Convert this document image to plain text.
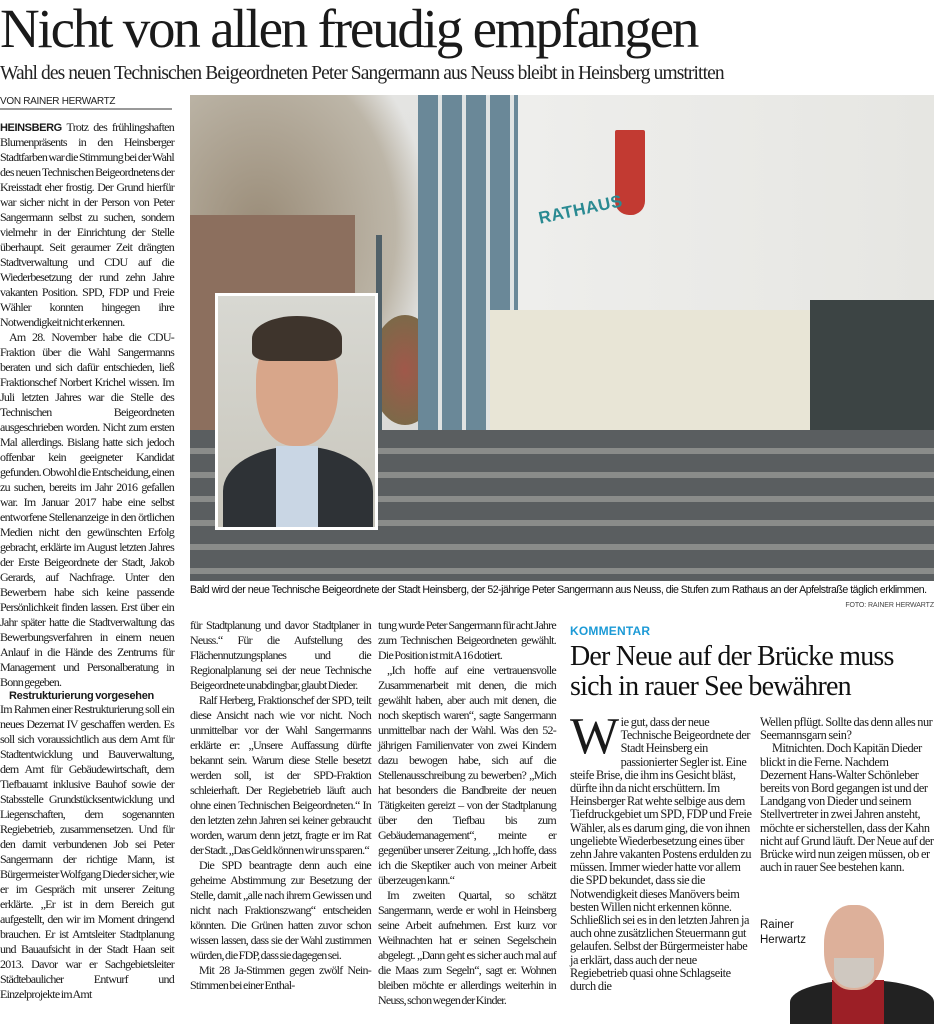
Nicht von allen freudig empfangen
Wahl des neuen Technischen Beigeordneten Peter Sangermann aus Neuss bleibt in Heinsberg umstritten
VON RAINER HERWARTZ

HEINSBERG Trotz des frühlingshaften Blumenpräsents in den Heinsberger Stadtfarben war die Stimmung bei der Wahl des neuen Technischen Beigeordnetens der Kreisstadt eher frostig. Der Grund hierfür war sicher nicht in der Person von Peter Sangermann selbst zu suchen, sondern vielmehr in der Einrichtung der Stelle überhaupt. Seit geraumer Zeit drängten Stadtverwaltung und CDU auf die Wiederbesetzung der rund zehn Jahre vakanten Position. SPD, FDP und Freie Wähler konnten hingegen ihre Notwendigkeit nicht erkennen.

Am 28. November habe die CDU-Fraktion über die Wahl Sangermanns beraten und sich dafür entschieden, ließ Fraktionschef Norbert Krichel wissen. Im Juli letzten Jahres war die Stelle des Technischen Beigeordneten ausgeschrieben worden. Nicht zum ersten Mal allerdings. Bislang hatte sich jedoch offenbar kein geeigneter Kandidat gefunden. Obwohl die Entscheidung, einen zu suchen, bereits im Jahr 2016 gefallen war. Im Januar 2017 habe eine selbst entworfene Stellenanzeige in den örtlichen Medien nicht den gewünschten Erfolg gebracht, erklärte im August letzten Jahres der Erste Beigeordnete der Stadt, Jakob Gerards, auf Nachfrage. Unter den Bewerbern habe sich keine passende Persönlichkeit finden lassen. Erst über ein Jahr später hatte die Stadtverwaltung das Bewerbungsverfahren in einem neuen Anlauf in die Hände des Zentrums für Management und Personalberatung in Bonn gegeben.

Restrukturierung vorgesehen

Im Rahmen einer Restrukturierung soll ein neues Dezernat IV geschaffen werden. Es soll sich voraussichtlich aus dem Amt für Stadtentwicklung und Bauverwaltung, dem Amt für Gebäudewirtschaft, dem Tiefbauamt inklusive Bauhof sowie der Stabsstelle Grundstücksentwicklung und Liegenschaften, dem sogenannten Regiebetrieb, zusammensetzen. Und für den damit verbundenen Job sei Peter Sangermann der richtige Mann, ist Bürgermeister Wolfgang Dieder sicher, wie er im Gespräch mit unserer Zeitung erklärte. „Er ist in dem Bereich gut aufgestellt, den wir im Moment dringend brauchen. Er ist Amtsleiter Stadtplanung und Bauaufsicht in der Stadt Haan seit 2013. Davor war er Sachgebietsleiter Städtebaulicher Entwurf und Einzelprojekte im Amt

RATHAUS
Bald wird der neue Technische Beigeordnete der Stadt Heinsberg, der 52-jährige Peter Sangermann aus Neuss, die Stufen zum Rathaus an der Apfelstraße täglich erklimmen.
FOTO: RAINER HERWARTZ

für Stadtplanung und davor Stadtplaner in Neuss.“ Für die Aufstellung des Flächennutzungsplanes und die Regionalplanung sei der neue Technische Beigeordnete unabdingbar, glaubt Dieder.

Ralf Herberg, Fraktionschef der SPD, teilt diese Ansicht nach wie vor nicht. Noch unmittelbar vor der Wahl Sangermanns erklärte er: „Unsere Auffassung dürfte bekannt sein. Warum diese Stelle besetzt werden soll, ist der SPD-Fraktion schleierhaft. Der Regiebetrieb läuft auch ohne einen Technischen Beigeordneten.“ In den letzten zehn Jahren sei keiner gebraucht worden, warum denn jetzt, fragte er im Rat der Stadt. „Das Geld können wir uns sparen.“

Die SPD beantragte denn auch eine geheime Abstimmung zur Besetzung der Stelle, damit „alle nach ihrem Gewissen und nicht nach Fraktionszwang“ entscheiden könnten. Die Grünen hatten zuvor schon wissen lassen, dass sie der Wahl zustimmen würden, die FDP, dass sie dagegen sei.

Mit 28 Ja-Stimmen gegen zwölf Nein-Stimmen bei einer Enthal-

tung wurde Peter Sangermann für acht Jahre zum Technischen Beigeordneten gewählt. Die Position ist mit A 16 dotiert.

„Ich hoffe auf eine vertrauensvolle Zusammenarbeit mit denen, die mich gewählt haben, aber auch mit denen, die noch skeptisch waren“, sagte Sangermann unmittelbar nach der Wahl. Was den 52-jährigen Familienvater von zwei Kindern dazu bewogen habe, sich auf die Stellenausschreibung zu bewerben? „Mich hat besonders die Bandbreite der neuen Tätigkeiten gereizt – von der Stadtplanung über den Tiefbau bis zum Gebäudemanagement“, meinte er gegenüber unserer Zeitung. „Ich hoffe, dass ich die Skeptiker auch von meiner Arbeit überzeugen kann.“

Im zweiten Quartal, so schätzt Sangermann, werde er wohl in Heinsberg seine Arbeit aufnehmen. Erst kurz vor Weihnachten hat er seinen Segelschein abgelegt. „Dann geht es sicher auch mal auf die Maas zum Segeln“, sagt er. Wohnen bleiben möchte er allerdings weiterhin in Neuss, schon wegen der Kinder.

KOMMENTAR
Der Neue auf der Brücke muss sich in rauer See bewähren

Wie gut, dass der neue Technische Beigeordnete der Stadt Heinsberg ein passionierter Segler ist. Eine steife Brise, die ihm ins Gesicht bläst, dürfte ihn da nicht erschüttern. Im Heinsberger Rat wehte selbige aus dem Tiefdruckgebiet um SPD, FDP und Freie Wähler, als es darum ging, die von ihnen ungeliebte Wiederbesetzung eines über zehn Jahre vakanten Postens erdulden zu müssen. Immer wieder hatte vor allem die SPD bekundet, dass sie die Notwendigkeit dieses Manövers beim besten Willen nicht erkennen könne. Schließlich sei es in den letzten Jahren ja auch ohne zusätzlichen Steuermann gut gelaufen. Selbst der Bürgermeister habe ja erklärt, dass auch der neue Regiebetrieb quasi ohne Schlagseite durch die

Wellen pflügt. Sollte das denn alles nur Seemannsgarn sein?

Mitnichten. Doch Kapitän Dieder blickt in die Ferne. Nachdem Dezernent Hans-Walter Schönleber bereits von Bord gegangen ist und der Landgang von Dieder und seinem Stellvertreter in zwei Jahren ansteht, möchte er sicherstellen, dass der Kahn nicht auf Grund läuft. Der Neue auf der Brücke wird nun zeigen müssen, ob er auch in rauer See bestehen kann.

Rainer
Herwartz
